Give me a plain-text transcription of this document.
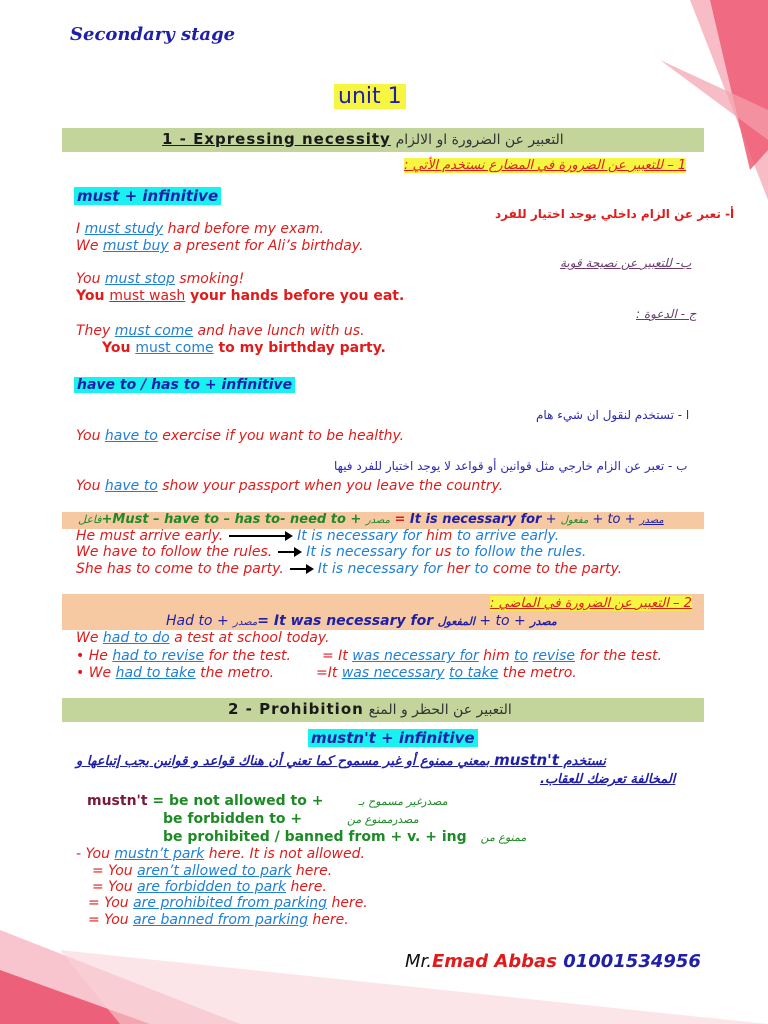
Secondary stage
unit 1
1 - Expressing necessity التعبير عن الضرورة او الالزام
1 – للتعبير عن الضرورة في المضارع نستخدم الأتي :
must + infinitive
أ- تعبر عن الزام داخلي يوجد اختيار للفرد
I must study hard before my exam.
We must buy a present for Ali’s birthday.
ب- للتعبير عن نصيحة قوية
You must stop smoking!
You must wash your hands before you eat.
ج - الدعوة :
They must come and have lunch with us.
You must come to my birthday party.
have to / has to + infinitive
ا - تستخدم لنقول ان شيء هام
You have to exercise if you want to be healthy.
ب - تعبر عن الزام خارجي مثل قوانين أو قواعد لا يوجد اختيار للفرد فيها
You have to show your passport when you leave the country.
فاعل+Must – have to – has to- need to + مصدر = It is necessary for + مفعول + to + مصدر
He must arrive early.	It is necessary for him to arrive early.
We have to follow the rules. It is necessary for us to follow the rules.
She has to come to the party. It is necessary for her to come to the party.
2 – التعبير عن الضرورة في الماضي :
Had to + مصدر= It was necessary for المفعول + to + مصدر
We had to do a test at school today.
• He had to revise for the test. = It was necessary for him to revise for the test.
• We had to take the metro.	=It was necessary to take the metro.
2 - Prohibition التعبير عن الحظر و المنع
mustn't + infinitive
نستخدم mustn't بمعني ممنوع أو غير مسموح كما تعني أن هناك قواعد و قوانين يجب إتباعها و
المخالفة تعرضك للعقاب.
mustn't = be not allowed to +	مصدرغير مسموح بـ
be forbidden to +	مصدرممنوع من
be prohibited / banned from + v. + ing ممنوع من
- You mustn’t park here. It is not allowed.
= You aren’t allowed to park here.
= You are forbidden to park here.
= You are prohibited from parking here.
= You are banned from parking here.
Mr.Emad Abbas 01001534956
